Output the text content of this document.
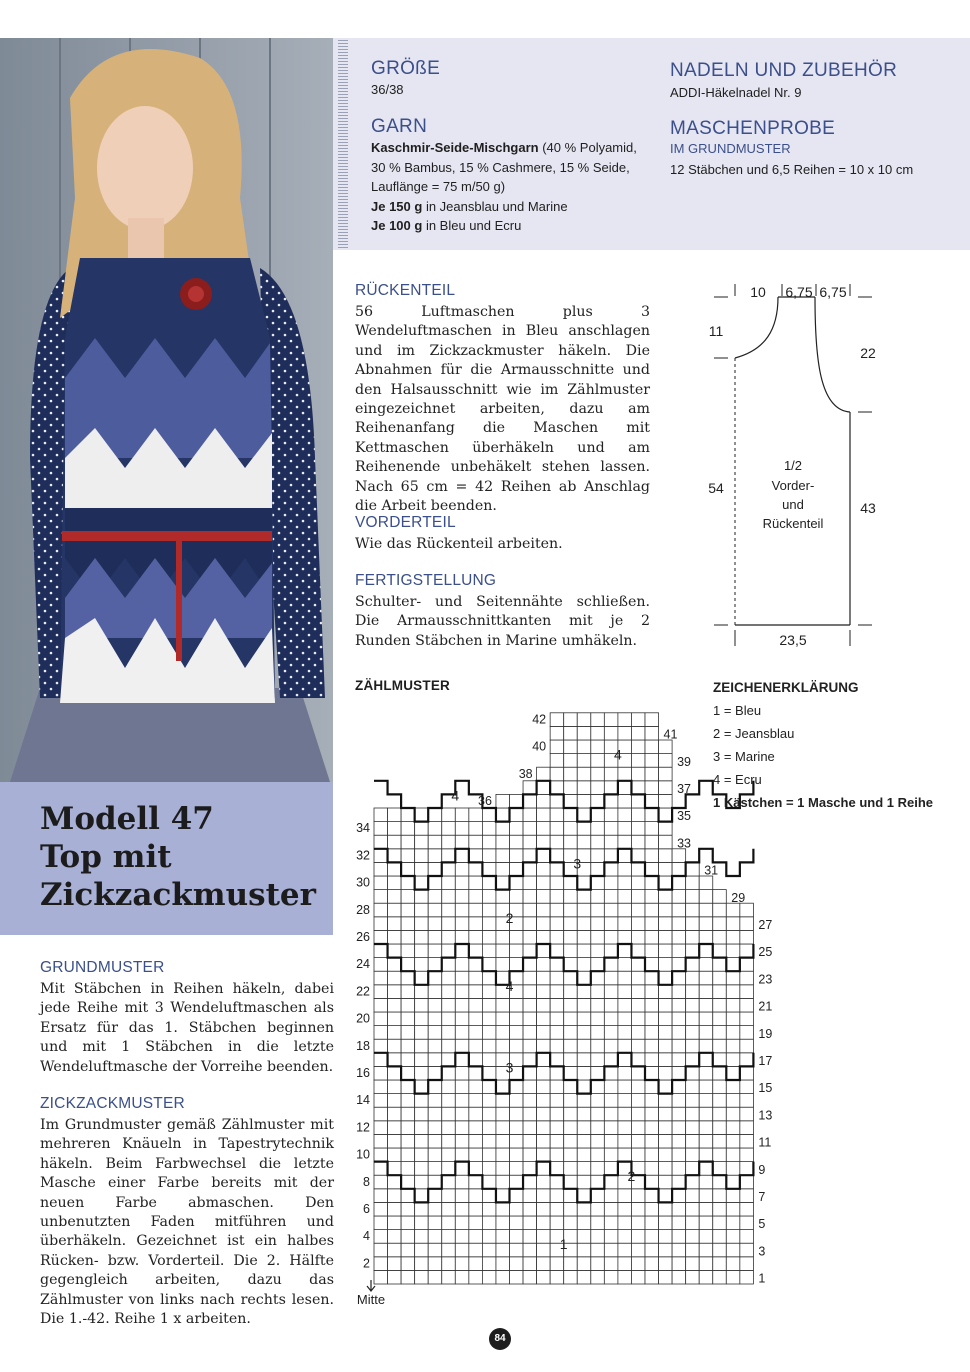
Modell 47
Top mit
Zickzackmuster
GRÖßE
36/38
GARN
Kaschmir-Seide-Mischgarn (40 % Polyamid,
30 % Bambus, 15 % Cashmere, 15 % Seide,
Lauflänge = 75 m/50 g)
Je 150 g in Jeansblau und Marine
Je 100 g in Bleu und Ecru
NADELN UND ZUBEHÖR
ADDI-Häkelnadel Nr. 9
MASCHENPROBE
IM GRUNDMUSTER
12 Stäbchen und 6,5 Reihen = 10 x 10 cm
RÜCKENTEIL

56 Luftmaschen plus 3 Wendeluftmaschen in Bleu anschlagen und im Zickzackmuster häkeln. Die Abnahmen für die Armausschnitte und den Halsausschnitt wie im Zählmuster eingezeichnet arbeiten, dazu am Reihenanfang die Maschen mit Kettmaschen überhäkeln und am Reihenende unbehäkelt stehen lassen. Nach 65 cm = 42 Reihen ab Anschlag die Arbeit beenden.

VORDERTEIL

Wie das Rückenteil arbeiten.

FERTIGSTELLUNG

Schulter- und Seitennähte schließen. Die Armausschnittkanten mit je 2 Runden Stäbchen in Marine umhäkeln.

GRUNDMUSTER

Mit Stäbchen in Reihen häkeln, dabei jede Reihe mit 3 Wendeluftmaschen als Ersatz für das 1. Stäbchen beginnen und mit 1 Stäbchen in die letzte Wendeluftmasche der Vorreihe beenden.

ZICKZACKMUSTER

Im Grundmuster gemäß Zählmuster mit mehreren Knäueln in Tapestrytechnik häkeln. Beim Farbwechsel die letzte Masche einer Farbe bereits mit der neuen Farbe abmaschen. Den unbenutzten Faden mitführen und überhäkeln. Gezeichnet ist ein halbes Rücken- bzw. Vorderteil. Die 2. Hälfte gegengleich arbeiten, dazu das Zählmuster von links nach rechts lesen. Die 1.-42. Reihe 1 x arbeiten.

10 6,75 6,75
11
22
54
43
23,5
1/2
Vorder-
und
Rückenteil
ZÄHLMUSTER
2
4
6
8
10
12
14
16
18
20
22
24
26
28
30
32
34
36
38
40
42
1
3
5
7
9
11
13
15
17
19
21
23
25
27
29
31
33
35
37
39
41
1
2
3
4
2
3
4
4
Mitte
ZEICHENERKLÄRUNG
1 = Bleu
2 = Jeansblau
3 = Marine
4 = Ecru
1 Kästchen = 1 Masche und 1 Reihe
84
